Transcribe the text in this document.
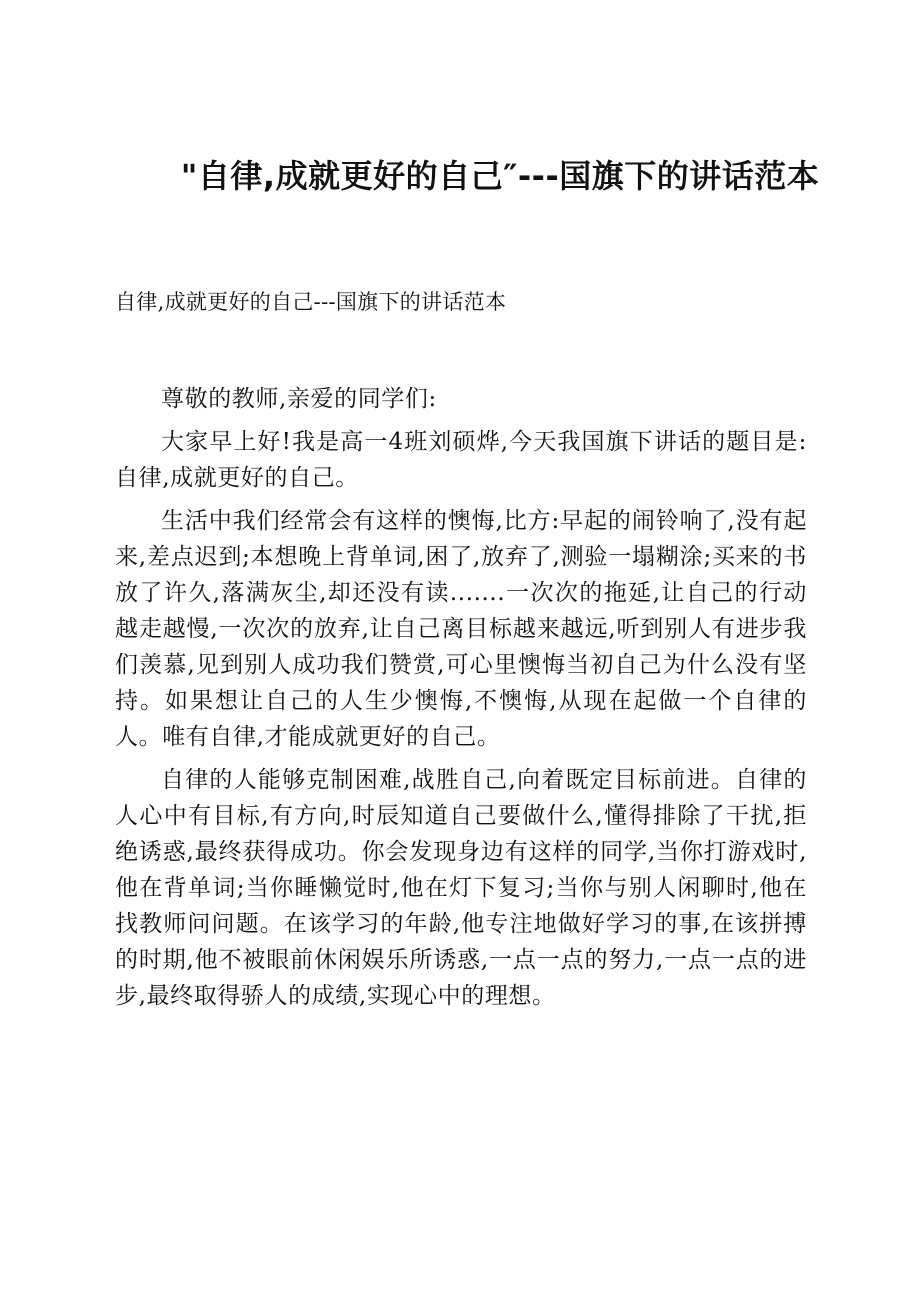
"自律,成就更好的自己″---国旗下的讲话范本

自律,成就更好的自己---国旗下的讲话范本

尊敬的教师,亲爱的同学们:

大家早上好!我是高一4班刘硕烨,今天我国旗下讲话的题目是:自律,成就更好的自己。

生活中我们经常会有这样的懊悔,比方:早起的闹铃响了,没有起来,差点迟到;本想晚上背单词,困了,放弃了,测验一塌糊涂;买来的书放了许久,落满灰尘,却还没有读.......一次次的拖延,让自己的行动越走越慢,一次次的放弃,让自己离目标越来越远,听到别人有进步我们羡慕,见到别人成功我们赞赏,可心里懊悔当初自己为什么没有坚持。如果想让自己的人生少懊悔,不懊悔,从现在起做一个自律的人。唯有自律,才能成就更好的自己。

自律的人能够克制困难,战胜自己,向着既定目标前进。自律的人心中有目标,有方向,时辰知道自己要做什么,懂得排除了干扰,拒绝诱惑,最终获得成功。你会发现身边有这样的同学,当你打游戏时,他在背单词;当你睡懒觉时,他在灯下复习;当你与别人闲聊时,他在找教师问问题。在该学习的年龄,他专注地做好学习的事,在该拼搏的时期,他不被眼前休闲娱乐所诱惑,一点一点的努力,一点一点的进步,最终取得骄人的成绩,实现心中的理想。
